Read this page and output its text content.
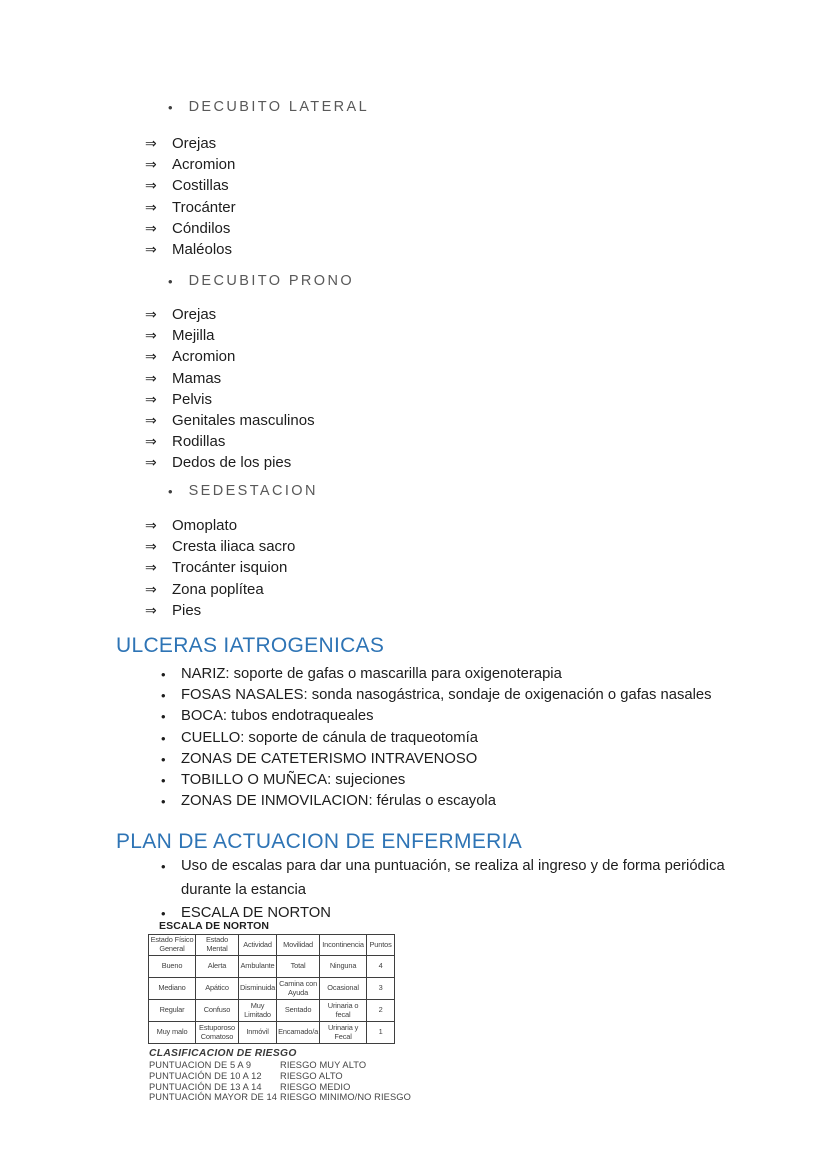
• DECUBITO LATERAL
⇒	Orejas
⇒	Acromion
⇒	Costillas
⇒	Trocánter
⇒	Cóndilos
⇒	Maléolos
• DECUBITO PRONO
⇒	Orejas
⇒	Mejilla
⇒	Acromion
⇒	Mamas
⇒	Pelvis
⇒	Genitales masculinos
⇒	Rodillas
⇒	Dedos de los pies
• SEDESTACION
⇒	Omoplato
⇒	Cresta iliaca sacro
⇒	Trocánter isquion
⇒	Zona poplítea
⇒	Pies
ULCERAS IATROGENICAS
•	NARIZ: soporte de gafas o mascarilla para oxigenoterapia
•	FOSAS NASALES: sonda nasogástrica, sondaje de oxigenación o gafas nasales
•	BOCA: tubos endotraqueales
•	CUELLO: soporte de cánula de traqueotomía
•	ZONAS DE CATETERISMO INTRAVENOSO
•	TOBILLO O MUÑECA: sujeciones
•	ZONAS DE INMOVILACION: férulas o escayola
PLAN DE ACTUACION DE ENFERMERIA
•	Uso de escalas para dar una puntuación, se realiza al ingreso y de forma periódica
durante la estancia
•	ESCALA DE NORTON
ESCALA DE NORTON
Estado Físico General	Estado Mental	Actividad	Movilidad	Incontinencia	Puntos
Bueno	Alerta	Ambulante	Total	Ninguna	4
Mediano	Apático	Disminuida	Camina con Ayuda	Ocasional	3
Regular	Confuso	Muy Limitado	Sentado	Urinaria o fecal	2
Muy malo	Estuporoso Comatoso	Inmóvil	Encamado/a	Urinaria y Fecal	1
CLASIFICACION DE RIESGO
PUNTUACION DE 5 A 9	RIESGO MUY ALTO
PUNTUACIÓN DE 10 A 12	RIESGO ALTO
PUNTUACIÓN DE 13 A 14	RIESGO MEDIO
PUNTUACIÓN MAYOR DE 14 RIESGO MINIMO/NO RIESGO
